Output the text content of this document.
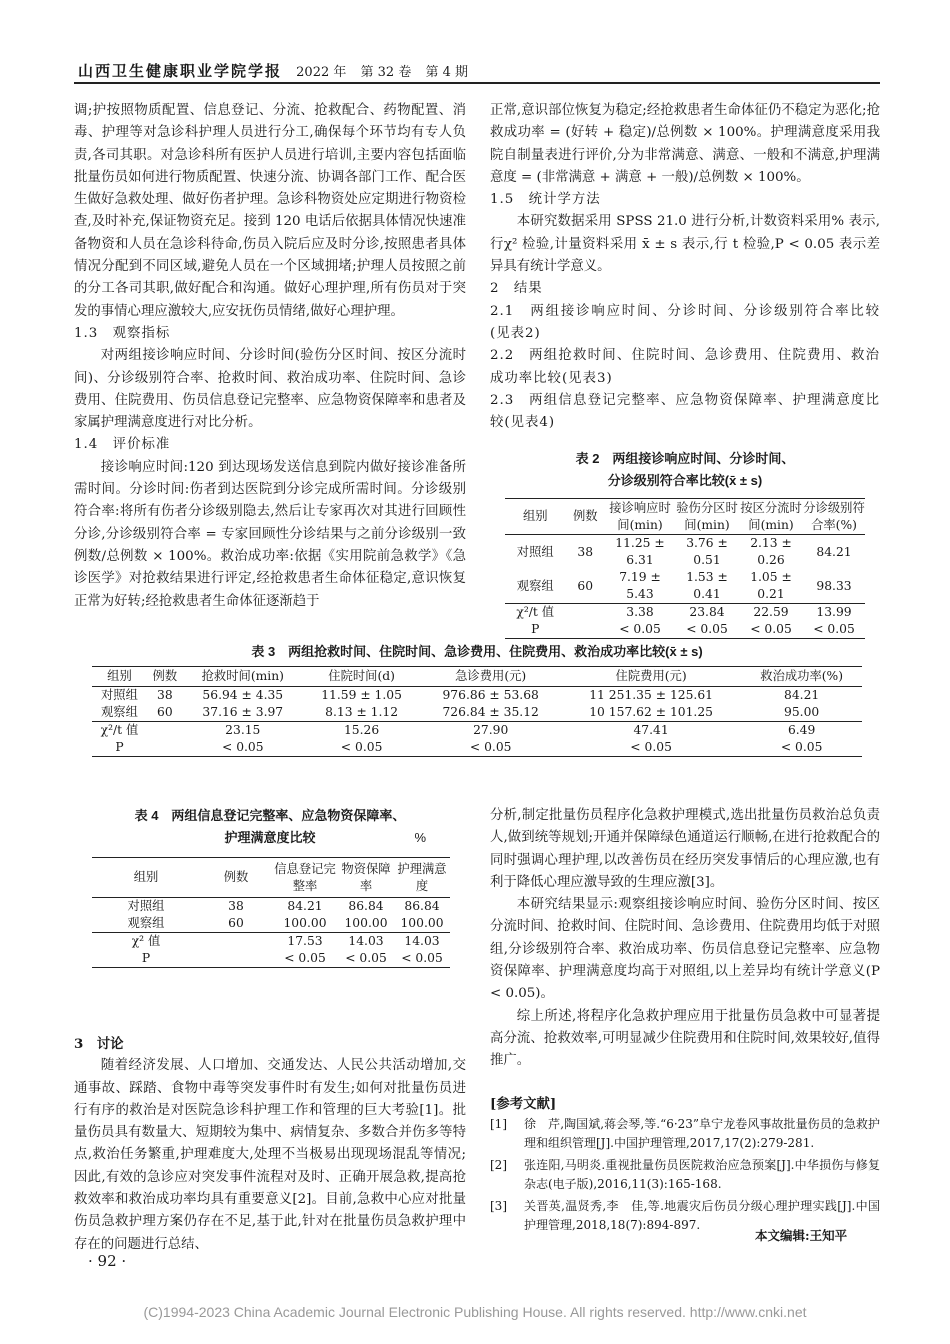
山西卫生健康职业学院学报 2022 年 第 32 卷 第 4 期

调;护按照物质配置、信息登记、分流、抢救配合、药物配置、消毒、护理等对急诊科护理人员进行分工,确保每个环节均有专人负责,各司其职。对急诊科所有医护人员进行培训,主要内容包括面临批量伤员如何进行物质配置、快速分流、协调各部门工作、配合医生做好急救处理、做好伤者护理。急诊科物资处应定期进行物资检查,及时补充,保证物资充足。接到 120 电话后依据具体情况快速准备物资和人员在急诊科待命,伤员入院后应及时分诊,按照患者具体情况分配到不同区域,避免人员在一个区域拥堵;护理人员按照之前的分工各司其职,做好配合和沟通。做好心理护理,所有伤员对于突发的事情心理应激较大,应安抚伤员情绪,做好心理护理。

1.3　观察指标

对两组接诊响应时间、分诊时间(验伤分区时间、按区分流时间)、分诊级别符合率、抢救时间、救治成功率、住院时间、急诊费用、住院费用、伤员信息登记完整率、应急物资保障率和患者及家属护理满意度进行对比分析。

1.4　评价标准

接诊响应时间:120 到达现场发送信息到院内做好接诊准备所需时间。分诊时间:伤者到达医院到分诊完成所需时间。分诊级别符合率:将所有伤者分诊级别隐去,然后让专家再次对其进行回顾性分诊,分诊级别符合率 = 专家回顾性分诊结果与之前分诊级别一致例数/总例数 × 100%。救治成功率:依据《实用院前急救学》《急诊医学》对抢救结果进行评定,经抢救患者生命体征稳定,意识恢复正常为好转;经抢救患者生命体征逐渐趋于

正常,意识部位恢复为稳定;经抢救患者生命体征仍不稳定为恶化;抢救成功率 = (好转 + 稳定)/总例数 × 100%。护理满意度采用我院自制量表进行评价,分为非常满意、满意、一般和不满意,护理满意度 = (非常满意 + 满意 + 一般)/总例数 × 100%。

1.5　统计学方法

本研究数据采用 SPSS 21.0 进行分析,计数资料采用% 表示,行χ² 检验,计量资料采用 x̄ ± s 表示,行 t 检验,P < 0.05 表示差异具有统计学意义。

2　结果

2.1　两组接诊响应时间、分诊时间、分诊级别符合率比较(见表2)

2.2　两组抢救时间、住院时间、急诊费用、住院费用、救治成功率比较(见表3)

2.3　两组信息登记完整率、应急物资保障率、护理满意度比较(见表4)

表 2　两组接诊响应时间、分诊时间、
分诊级别符合率比较(x̄ ± s)
组别	例数	接诊响应时间(min)	验伤分区时间(min)	按区分流时间(min)	分诊级别符合率(%)
对照组	38	11.25 ± 6.31	3.76 ± 0.51	2.13 ± 0.26	84.21
观察组	60	7.19 ± 5.43	1.53 ± 0.41	1.05 ± 0.21	98.33
χ²/t 值		3.38	23.84	22.59	13.99
P		< 0.05	< 0.05	< 0.05	< 0.05
表 3　两组抢救时间、住院时间、急诊费用、住院费用、救治成功率比较(x̄ ± s)
组别	例数	抢救时间(min)	住院时间(d)	急诊费用(元)	住院费用(元)	救治成功率(%)
对照组	38	56.94 ± 4.35	11.59 ± 1.05	976.86 ± 53.68	11 251.35 ± 125.61	84.21
观察组	60	37.16 ± 3.97	8.13 ± 1.12	726.84 ± 35.12	10 157.62 ± 101.25	95.00
χ²/t 值		23.15	15.26	27.90	47.41	6.49
P		< 0.05	< 0.05	< 0.05	< 0.05	< 0.05
表 4　两组信息登记完整率、应急物资保障率、
护理满意度比较	%
组别	例数	信息登记完整率	物资保障率	护理满意度
对照组	38	84.21	86.84	86.84
观察组	60	100.00	100.00	100.00
χ² 值		17.53	14.03	14.03
P		< 0.05	< 0.05	< 0.05

3　讨论

随着经济发展、人口增加、交通发达、人民公共活动增加,交通事故、踩踏、食物中毒等突发事件时有发生;如何对批量伤员进行有序的救治是对医院急诊科护理工作和管理的巨大考验[1]。批量伤员具有数量大、短期较为集中、病情复杂、多数合并伤多等特点,救治任务繁重,护理难度大,处理不当极易出现现场混乱等情况;因此,有效的急诊应对突发事件流程对及时、正确开展急救,提高抢救效率和救治成功率均具有重要意义[2]。目前,急救中心应对批量伤员急救护理方案仍存在不足,基于此,针对在批量伤员急救护理中存在的问题进行总结、

分析,制定批量伤员程序化急救护理模式,选出批量伤员救治总负责人,做到统等规划;开通并保障绿色通道运行顺畅,在进行抢救配合的同时强调心理护理,以改善伤员在经历突发事情后的心理应激,也有利于降低心理应激导致的生理应激[3]。

本研究结果显示:观察组接诊响应时间、验伤分区时间、按区分流时间、抢救时间、住院时间、急诊费用、住院费用均低于对照组,分诊级别符合率、救治成功率、伤员信息登记完整率、应急物资保障率、护理满意度均高于对照组,以上差异均有统计学意义(P < 0.05)。

综上所述,将程序化急救护理应用于批量伤员急救中可显著提高分流、抢救效率,可明显减少住院费用和住院时间,效果较好,值得推广。

[参考文献]

[1] 徐　芹,陶国斌,蒋会琴,等.“6·23”阜宁龙卷风事故批量伤员的急救护理和组织管理[J].中国护理管理,2017,17(2):279-281.
[2] 张连阳,马明炎.重视批量伤员医院救治应急预案[J].中华损伤与修复杂志(电子版),2016,11(3):165-168.
[3] 关晋英,温贤秀,李　佳,等.地震灾后伤员分级心理护理实践[J].中国护理管理,2018,18(7):894-897.
本文编辑:王知平
· 92 ·
(C)1994-2023 China Academic Journal Electronic Publishing House. All rights reserved. http://www.cnki.net
